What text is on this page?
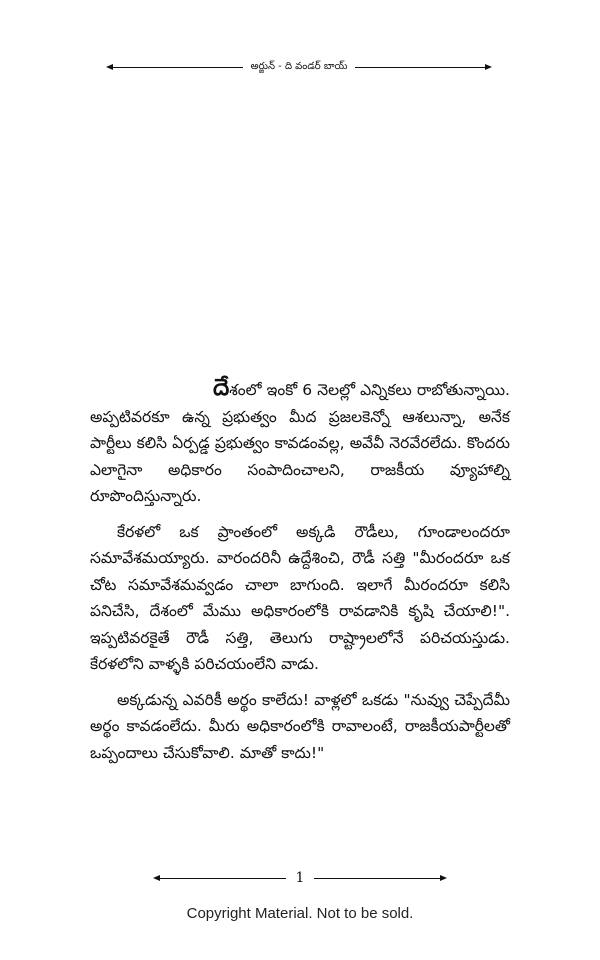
అర్జున్ - ది వండర్ బాయ్

దేశంలో ఇంకో 6 నెలల్లో ఎన్నికలు రాబోతున్నాయి. అప్పటివరకూ ఉన్న ప్రభుత్వం మీద ప్రజలకెన్నో ఆశలున్నా, అనేక పార్టీలు కలిసి ఏర్పడ్డ ప్రభుత్వం కావడంవల్ల, అవేవీ నెరవేరలేదు. కొందరు ఎలాగైనా అధికారం సంపాదించాలని, రాజకీయ వ్యూహాల్ని రూపొందిస్తున్నారు.

కేరళలో ఒక ప్రాంతంలో అక్కడి రౌడీలు, గూండాలందరూ సమావేశమయ్యారు. వారందరినీ ఉద్దేశించి, రౌడీ సత్తి "మీరందరూ ఒక చోట సమావేశమవ్వడం చాలా బాగుంది. ఇలాగే మీరందరూ కలిసి పనిచేసి, దేశంలో మేము అధికారంలోకి రావడానికి కృషి చేయాలి!". ఇప్పటివరకైతే రౌడీ సత్తి, తెలుగు రాష్ట్రాలలోనే పరిచయస్తుడు. కేరళలోని వాళ్ళకి పరిచయంలేని వాడు.

అక్కడున్న ఎవరికీ అర్థం కాలేదు! వాళ్లలో ఒకడు "నువ్వు చెప్పేదేమీ అర్థం కావడంలేదు. మీరు అధికారంలోకి రావాలంటే, రాజకీయపార్టీలతో ఒప్పందాలు చేసుకోవాలి. మాతో కాదు!"

1
Copyright Material. Not to be sold.
